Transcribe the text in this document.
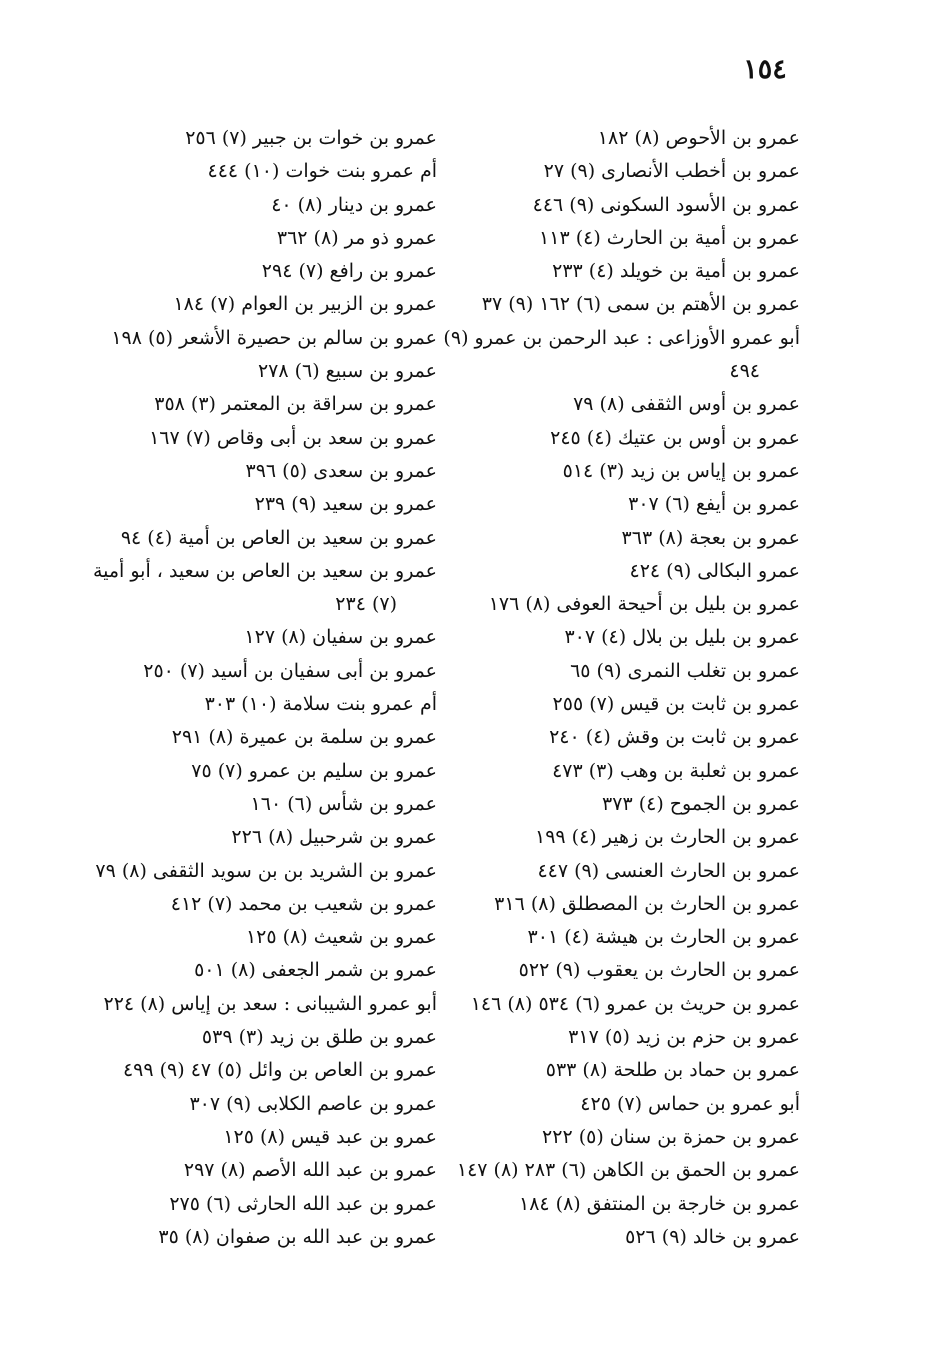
١٥٤
عمرو بن الأحوص (٨) ١٨٢
عمرو بن أخطب الأنصارى (٩) ٢٧
عمرو بن الأسود السكونى (٩) ٤٤٦
عمرو بن أمية بن الحارث (٤) ١١٣
عمرو بن أمية بن خويلد (٤) ٢٣٣
عمرو بن الأهتم بن سمى (٦) ١٦٢ (٩) ٣٧
أبو عمرو الأوزاعى : عبد الرحمن بن عمرو (٩)
٤٩٤
عمرو بن أوس الثقفى (٨) ٧٩
عمرو بن أوس بن عتيك (٤) ٢٤٥
عمرو بن إياس بن زيد (٣) ٥١٤
عمرو بن أيفع (٦) ٣٠٧
عمرو بن بعجة (٨) ٣٦٣
عمرو البكالى (٩) ٤٢٤
عمرو بن بليل بن أحيحة العوفى (٨) ١٧٦
عمرو بن بليل بن بلال (٤) ٣٠٧
عمرو بن تغلب النمرى (٩) ٦٥
عمرو بن ثابت بن قيس (٧) ٢٥٥
عمرو بن ثابت بن وقش (٤) ٢٤٠
عمرو بن ثعلبة بن وهب (٣) ٤٧٣
عمرو بن الجموح (٤) ٣٧٣
عمرو بن الحارث بن زهير (٤) ١٩٩
عمرو بن الحارث العنسى (٩) ٤٤٧
عمرو بن الحارث بن المصطلق (٨) ٣١٦
عمرو بن الحارث بن هيشة (٤) ٣٠١
عمرو بن الحارث بن يعقوب (٩) ٥٢٢
عمرو بن حريث بن عمرو (٦) ٥٣٤ (٨) ١٤٦
عمرو بن حزم بن زيد (٥) ٣١٧
عمرو بن حماد بن طلحة (٨) ٥٣٣
أبو عمرو بن حماس (٧) ٤٢٥
عمرو بن حمزة بن سنان (٥) ٢٢٢
عمرو بن الحمق بن الكاهن (٦) ٢٨٣ (٨) ١٤٧
عمرو بن خارجة بن المنتفق (٨) ١٨٤
عمرو بن خالد (٩) ٥٢٦
عمرو بن خوات بن جبير (٧) ٢٥٦
أم عمرو بنت خوات (١٠) ٤٤٤
عمرو بن دينار (٨) ٤٠
عمرو ذو مر (٨) ٣٦٢
عمرو بن رافع (٧) ٢٩٤
عمرو بن الزبير بن العوام (٧) ١٨٤
عمرو بن سالم بن حصيرة الأشعر (٥) ١٩٨
عمرو بن سبيع (٦) ٢٧٨
عمرو بن سراقة بن المعتمر (٣) ٣٥٨
عمرو بن سعد بن أبى وقاص (٧) ١٦٧
عمرو بن سعدى (٥) ٣٩٦
عمرو بن سعيد (٩) ٢٣٩
عمرو بن سعيد بن العاص بن أمية (٤) ٩٤
عمرو بن سعيد بن العاص بن سعيد ، أبو أمية
(٧) ٢٣٤
عمرو بن سفيان (٨) ١٢٧
عمرو بن أبى سفيان بن أسيد (٧) ٢٥٠
أم عمرو بنت سلامة (١٠) ٣٠٣
عمرو بن سلمة بن عميرة (٨) ٢٩١
عمرو بن سليم بن عمرو (٧) ٧٥
عمرو بن شأس (٦) ١٦٠
عمرو بن شرحبيل (٨) ٢٢٦
عمرو بن الشريد بن بن سويد الثقفى (٨) ٧٩
عمرو بن شعيب بن محمد (٧) ٤١٢
عمرو بن شعيث (٨) ١٢٥
عمرو بن شمر الجعفى (٨) ٥٠١
أبو عمرو الشيبانى : سعد بن إياس (٨) ٢٢٤
عمرو بن طلق بن زيد (٣) ٥٣٩
عمرو بن العاص بن وائل (٥) ٤٧ (٩) ٤٩٩
عمرو بن عاصم الكلابى (٩) ٣٠٧
عمرو بن عبد قيس (٨) ١٢٥
عمرو بن عبد الله الأصم (٨) ٢٩٧
عمرو بن عبد الله الحارثى (٦) ٢٧٥
عمرو بن عبد الله بن صفوان (٨) ٣٥
